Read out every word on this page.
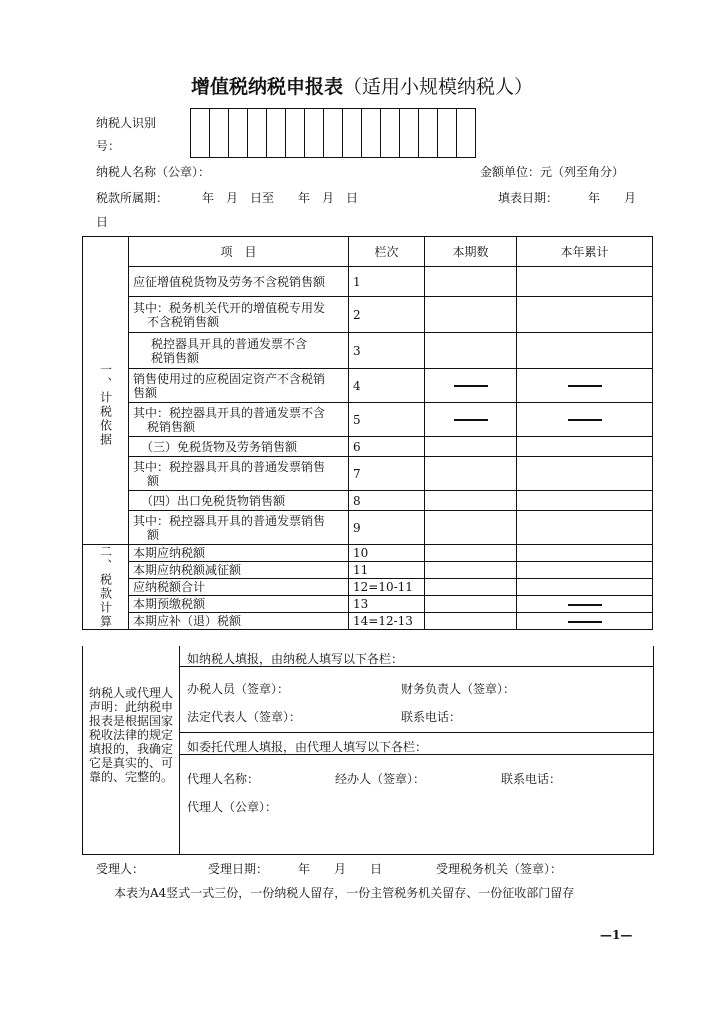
增值税纳税申报表（适用小规模纳税人）
纳税人识别
号：
纳税人名称（公章）：	金额单位：元（列至角分）
税款所属期：	年　月　日至　　年　月　日	填表日期： 年　　月
日
	项　目	栏次	本期数	本年累计

一、计税依据	应征增值税货物及劳务不含税销售额	1		
	其中：税务机关代开的增值税专用发
不含税销售额	2		
	税控器具开具的普通发票不含
税销售额	3		
	销售使用过的应税固定资产不含税销
售额	4		
	其中：税控器具开具的普通发票不含
税销售额	5		
	（三）免税货物及劳务销售额	6		
	其中：税控器具开具的普通发票销售
额	7		
	（四）出口免税货物销售额	8		
	其中：税控器具开具的普通发票销售
额	9		

二、税款计算	本期应纳税额	10		
	本期应纳税额减征额	11		
	应纳税额合计	12=10-11		
	本期预缴税额	13		
	本期应补（退）税额	14=12-13		
纳税人或代理人声明：此纳税申报表是根据国家税收法律的规定填报的，我确定它是真实的、可靠的、完整的。
如纳税人填报，由纳税人填写以下各栏：
办税人员（签章）：	财务负责人（签章）：
法定代表人（签章）：	联系电话：
如委托代理人填报，由代理人填写以下各栏：
代理人名称：	经办人（签章）：	联系电话：
代理人（公章）：
受理人：	受理日期： 年　　月　　日	受理税务机关（签章）：
本表为A4竖式一式三份，一份纳税人留存，一份主管税务机关留存、一份征收部门留存
—1—
